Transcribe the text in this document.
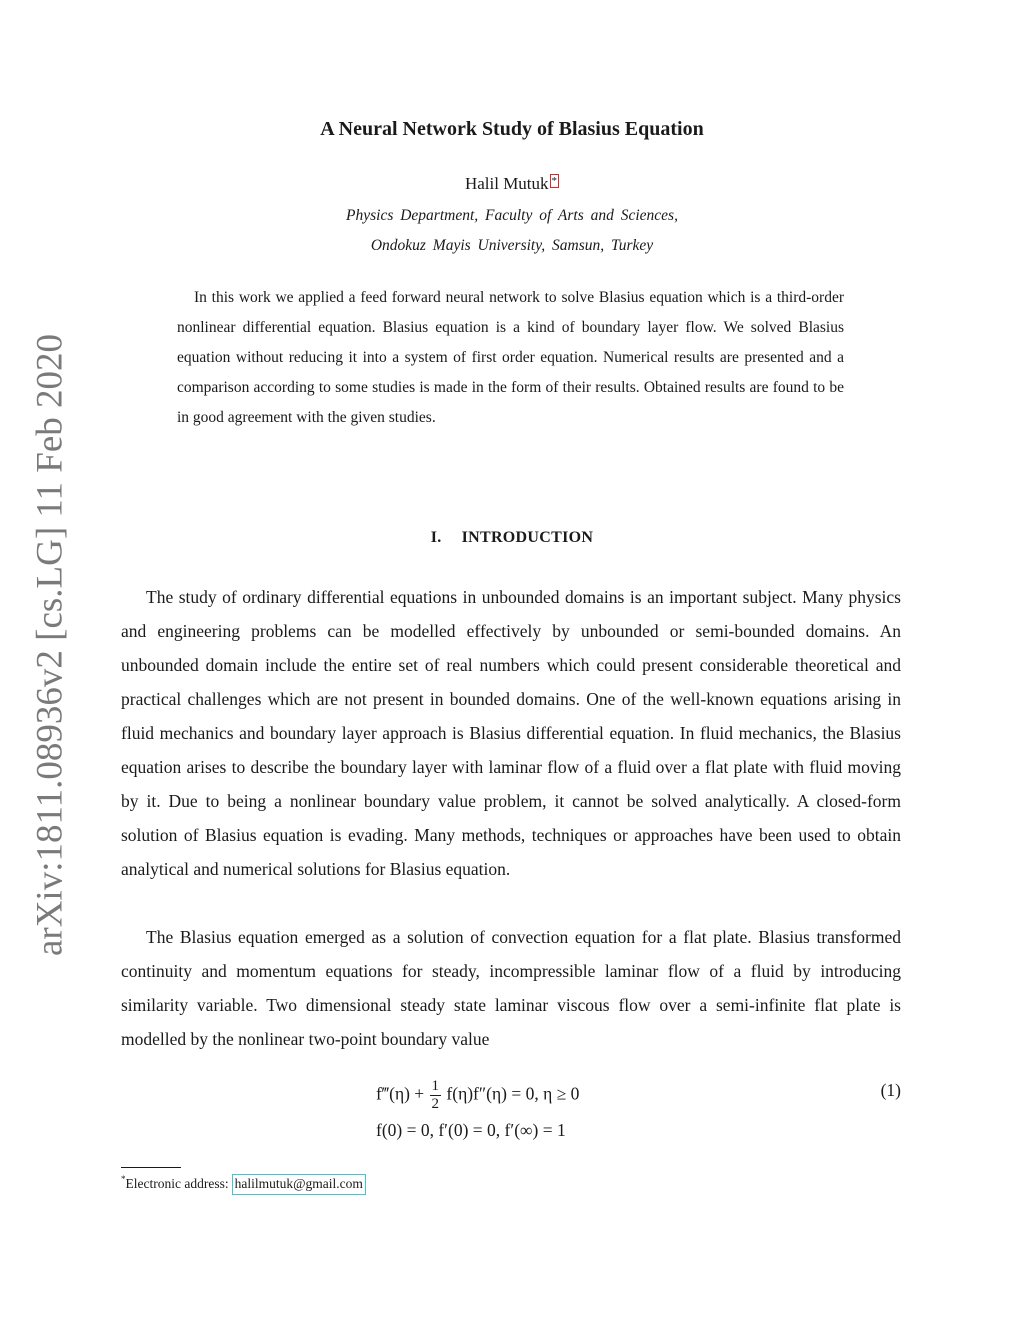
arXiv:1811.08936v2 [cs.LG] 11 Feb 2020
A Neural Network Study of Blasius Equation
Halil Mutuk *
Physics Department, Faculty of Arts and Sciences,
Ondokuz Mayis University, Samsun, Turkey

In this work we applied a feed forward neural network to solve Blasius equation which is a third-order nonlinear differential equation. Blasius equation is a kind of boundary layer flow. We solved Blasius equation without reducing it into a system of first order equation. Numerical results are presented and a comparison according to some studies is made in the form of their results. Obtained results are found to be in good agreement with the given studies.

I. INTRODUCTION

The study of ordinary differential equations in unbounded domains is an important subject. Many physics and engineering problems can be modelled effectively by unbounded or semi-bounded domains. An unbounded domain include the entire set of real numbers which could present considerable theoretical and practical challenges which are not present in bounded domains. One of the well-known equations arising in fluid mechanics and boundary layer approach is Blasius differential equation. In fluid mechanics, the Blasius equation arises to describe the boundary layer with laminar flow of a fluid over a flat plate with fluid moving by it. Due to being a nonlinear boundary value problem, it cannot be solved analytically. A closed-form solution of Blasius equation is evading. Many methods, techniques or approaches have been used to obtain analytical and numerical solutions for Blasius equation.

The Blasius equation emerged as a solution of convection equation for a flat plate. Blasius transformed continuity and momentum equations for steady, incompressible laminar flow of a fluid by introducing similarity variable. Two dimensional steady state laminar viscous flow over a semi-infinite flat plate is modelled by the nonlinear two-point boundary value

f‴(η) + $\frac{1}{2} f(\eta)f''(\eta) = 0$, η ≥ 0
f(0) = 0, f′(0) = 0, f′(∞) = 1
(1)
*Electronic address: halilmutuk@gmail.com
